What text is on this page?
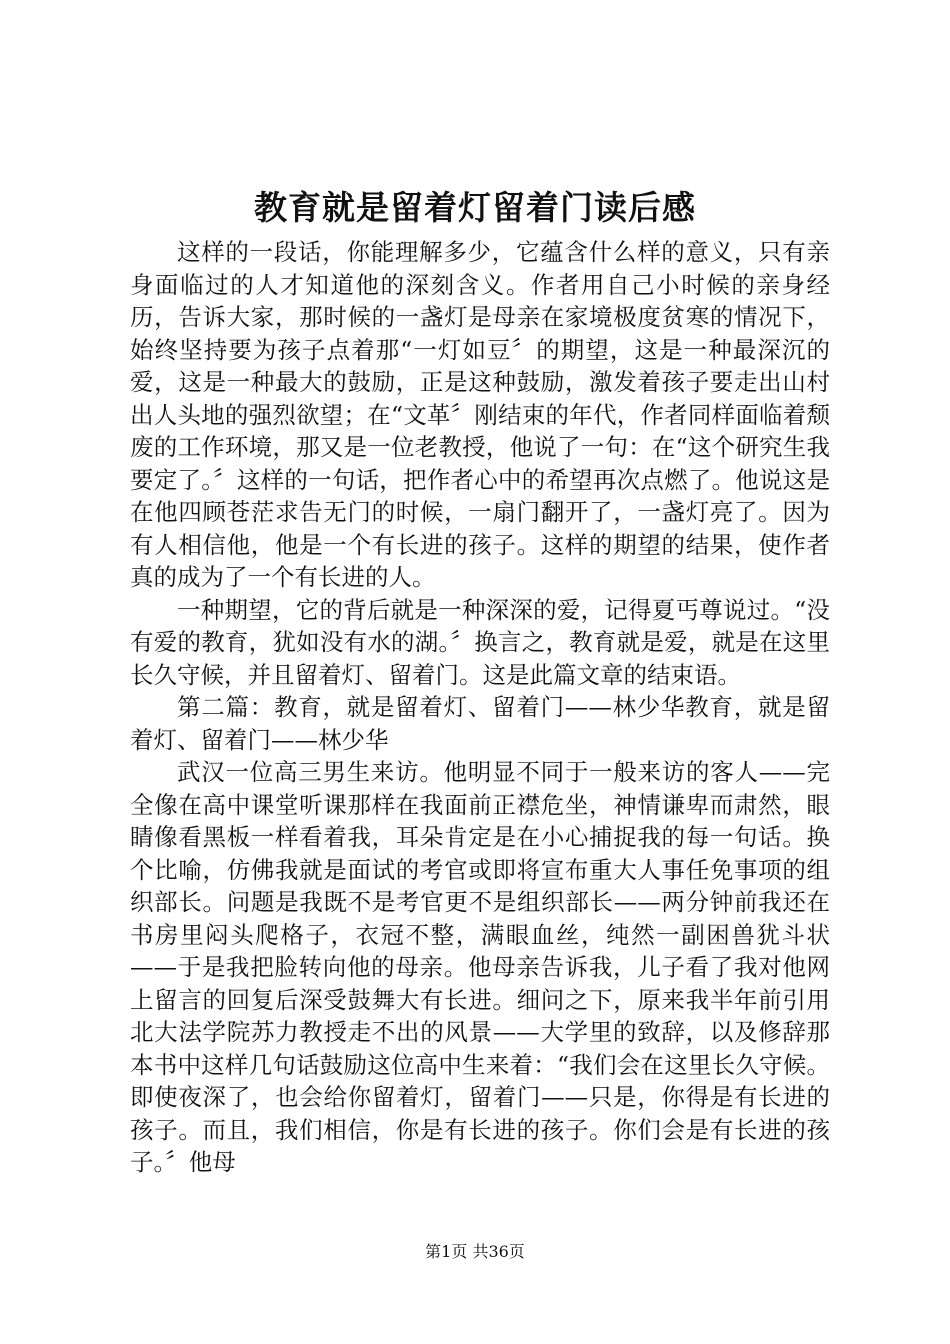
教育就是留着灯留着门读后感

这样的一段话，你能理解多少，它蕴含什么样的意义，只有亲身面临过的人才知道他的深刻含义。作者用自己小时候的亲身经历，告诉大家，那时候的一盏灯是母亲在家境极度贫寒的情况下，始终坚持要为孩子点着那“一灯如豆〞的期望，这是一种最深沉的爱，这是一种最大的鼓励，正是这种鼓励，激发着孩子要走出山村出人头地的强烈欲望；在“文革〞刚结束的年代，作者同样面临着颓废的工作环境，那又是一位老教授，他说了一句：在“这个研究生我要定了。〞这样的一句话，把作者心中的希望再次点燃了。他说这是在他四顾苍茫求告无门的时候，一扇门翻开了，一盏灯亮了。因为有人相信他，他是一个有长进的孩子。这样的期望的结果，使作者真的成为了一个有长进的人。

一种期望，它的背后就是一种深深的爱，记得夏丐尊说过。“没有爱的教育，犹如没有水的湖。〞换言之，教育就是爱，就是在这里长久守候，并且留着灯、留着门。这是此篇文章的结束语。

第二篇：教育，就是留着灯、留着门——林少华教育，就是留着灯、留着门——林少华

武汉一位高三男生来访。他明显不同于一般来访的客人——完全像在高中课堂听课那样在我面前正襟危坐，神情谦卑而肃然，眼睛像看黑板一样看着我，耳朵肯定是在小心捕捉我的每一句话。换个比喻，仿佛我就是面试的考官或即将宣布重大人事任免事项的组织部长。问题是我既不是考官更不是组织部长——两分钟前我还在书房里闷头爬格子，衣冠不整，满眼血丝，纯然一副困兽犹斗状——于是我把脸转向他的母亲。他母亲告诉我，儿子看了我对他网上留言的回复后深受鼓舞大有长进。细问之下，原来我半年前引用北大法学院苏力教授走不出的风景——大学里的致辞，以及修辞那本书中这样几句话鼓励这位高中生来着：“我们会在这里长久守候。即使夜深了，也会给你留着灯，留着门——只是，你得是有长进的孩子。而且，我们相信，你是有长进的孩子。你们会是有长进的孩子。〞他母

第1页 共36页
